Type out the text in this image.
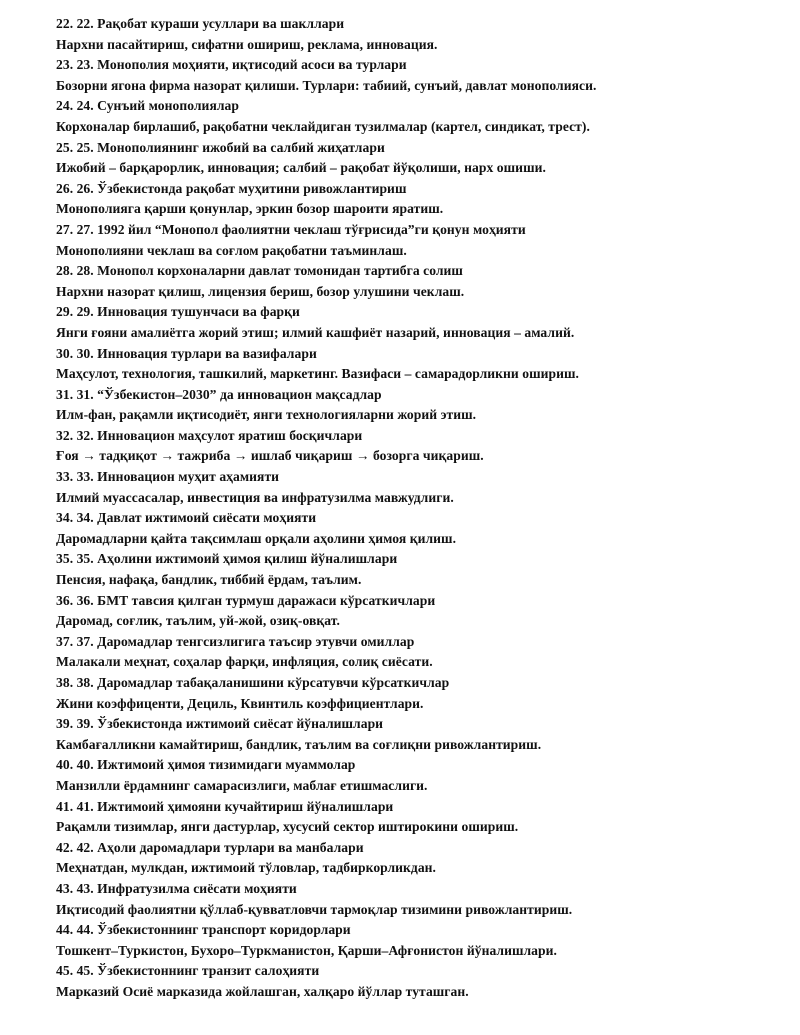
22. 22. Рақобат кураши усуллари ва шакллари
Нархни пасайтириш, сифатни ошириш, реклама, инновация.
23. 23. Монополия моҳияти, иқтисодий асоси ва турлари
Бозорни ягона фирма назорат қилиши. Турлари: табиий, сунъий, давлат монополияси.
24. 24. Сунъий монополиялар
Корхоналар бирлашиб, рақобатни чеклайдиган тузилмалар (картел, синдикат, трест).
25. 25. Монополиянинг ижобий ва салбий жиҳатлари
Ижобий – барқарорлик, инновация; салбий – рақобат йўқолиши, нарх ошиши.
26. 26. Ўзбекистонда рақобат муҳитини ривожлантириш
Монополияга қарши қонунлар, эркин бозор шароити яратиш.
27. 27. 1992 йил “Монопол фаолиятни чеклаш тўғрисида”ги қонун моҳияти
Монополияни чеклаш ва соғлом рақобатни таъминлаш.
28. 28. Монопол корхоналарни давлат томонидан тартибга солиш
Нархни назорат қилиш, лицензия бериш, бозор улушини чеклаш.
29. 29. Инновация тушунчаси ва фарқи
Янги ғояни амалиётга жорий этиш; илмий кашфиёт назарий, инновация – амалий.
30. 30. Инновация турлари ва вазифалари
Маҳсулот, технология, ташкилий, маркетинг. Вазифаси – самарадорликни ошириш.
31. 31. “Ўзбекистон–2030” да инновацион мақсадлар
Илм-фан, рақамли иқтисодиёт, янги технологияларни жорий этиш.
32. 32. Инновацион маҳсулот яратиш босқичлари
Ғоя → тадқиқот → тажриба → ишлаб чиқариш → бозорга чиқариш.
33. 33. Инновацион муҳит аҳамияти
Илмий муассасалар, инвестиция ва инфратузилма мавжудлиги.
34. 34. Давлат ижтимоий сиёсати моҳияти
Даромадларни қайта тақсимлаш орқали аҳолини ҳимоя қилиш.
35. 35. Аҳолини ижтимоий ҳимоя қилиш йўналишлари
Пенсия, нафақа, бандлик, тиббий ёрдам, таълим.
36. 36. БМТ тавсия қилган турмуш даражаси кўрсаткичлари
Даромад, соғлик, таълим, уй-жой, озиқ-овқат.
37. 37. Даромадлар тенгсизлигига таъсир этувчи омиллар
Малакали меҳнат, соҳалар фарқи, инфляция, солиқ сиёсати.
38. 38. Даромадлар табақаланишини кўрсатувчи кўрсаткичлар
Жини коэффиценти, Дециль, Квинтиль коэффициентлари.
39. 39. Ўзбекистонда ижтимоий сиёсат йўналишлари
Камбағалликни камайтириш, бандлик, таълим ва соғлиқни ривожлантириш.
40. 40. Ижтимоий ҳимоя тизимидаги муаммолар
Манзилли ёрдамнинг самарасизлиги, маблағ етишмаслиги.
41. 41. Ижтимоий ҳимояни кучайтириш йўналишлари
Рақамли тизимлар, янги дастурлар, хусусий сектор иштирокини ошириш.
42. 42. Аҳоли даромадлари турлари ва манбалари
Меҳнатдан, мулкдан, ижтимоий тўловлар, тадбиркорликдан.
43. 43. Инфратузилма сиёсати моҳияти
Иқтисодий фаолиятни қўллаб-қувватловчи тармоқлар тизимини ривожлантириш.
44. 44. Ўзбекистоннинг транспорт коридорлари
Тошкент–Туркистон, Бухоро–Туркманистон, Қарши–Афғонистон йўналишлари.
45. 45. Ўзбекистоннинг транзит салоҳияти
Марказий Осиё марказида жойлашган, халқаро йўллар туташган.
